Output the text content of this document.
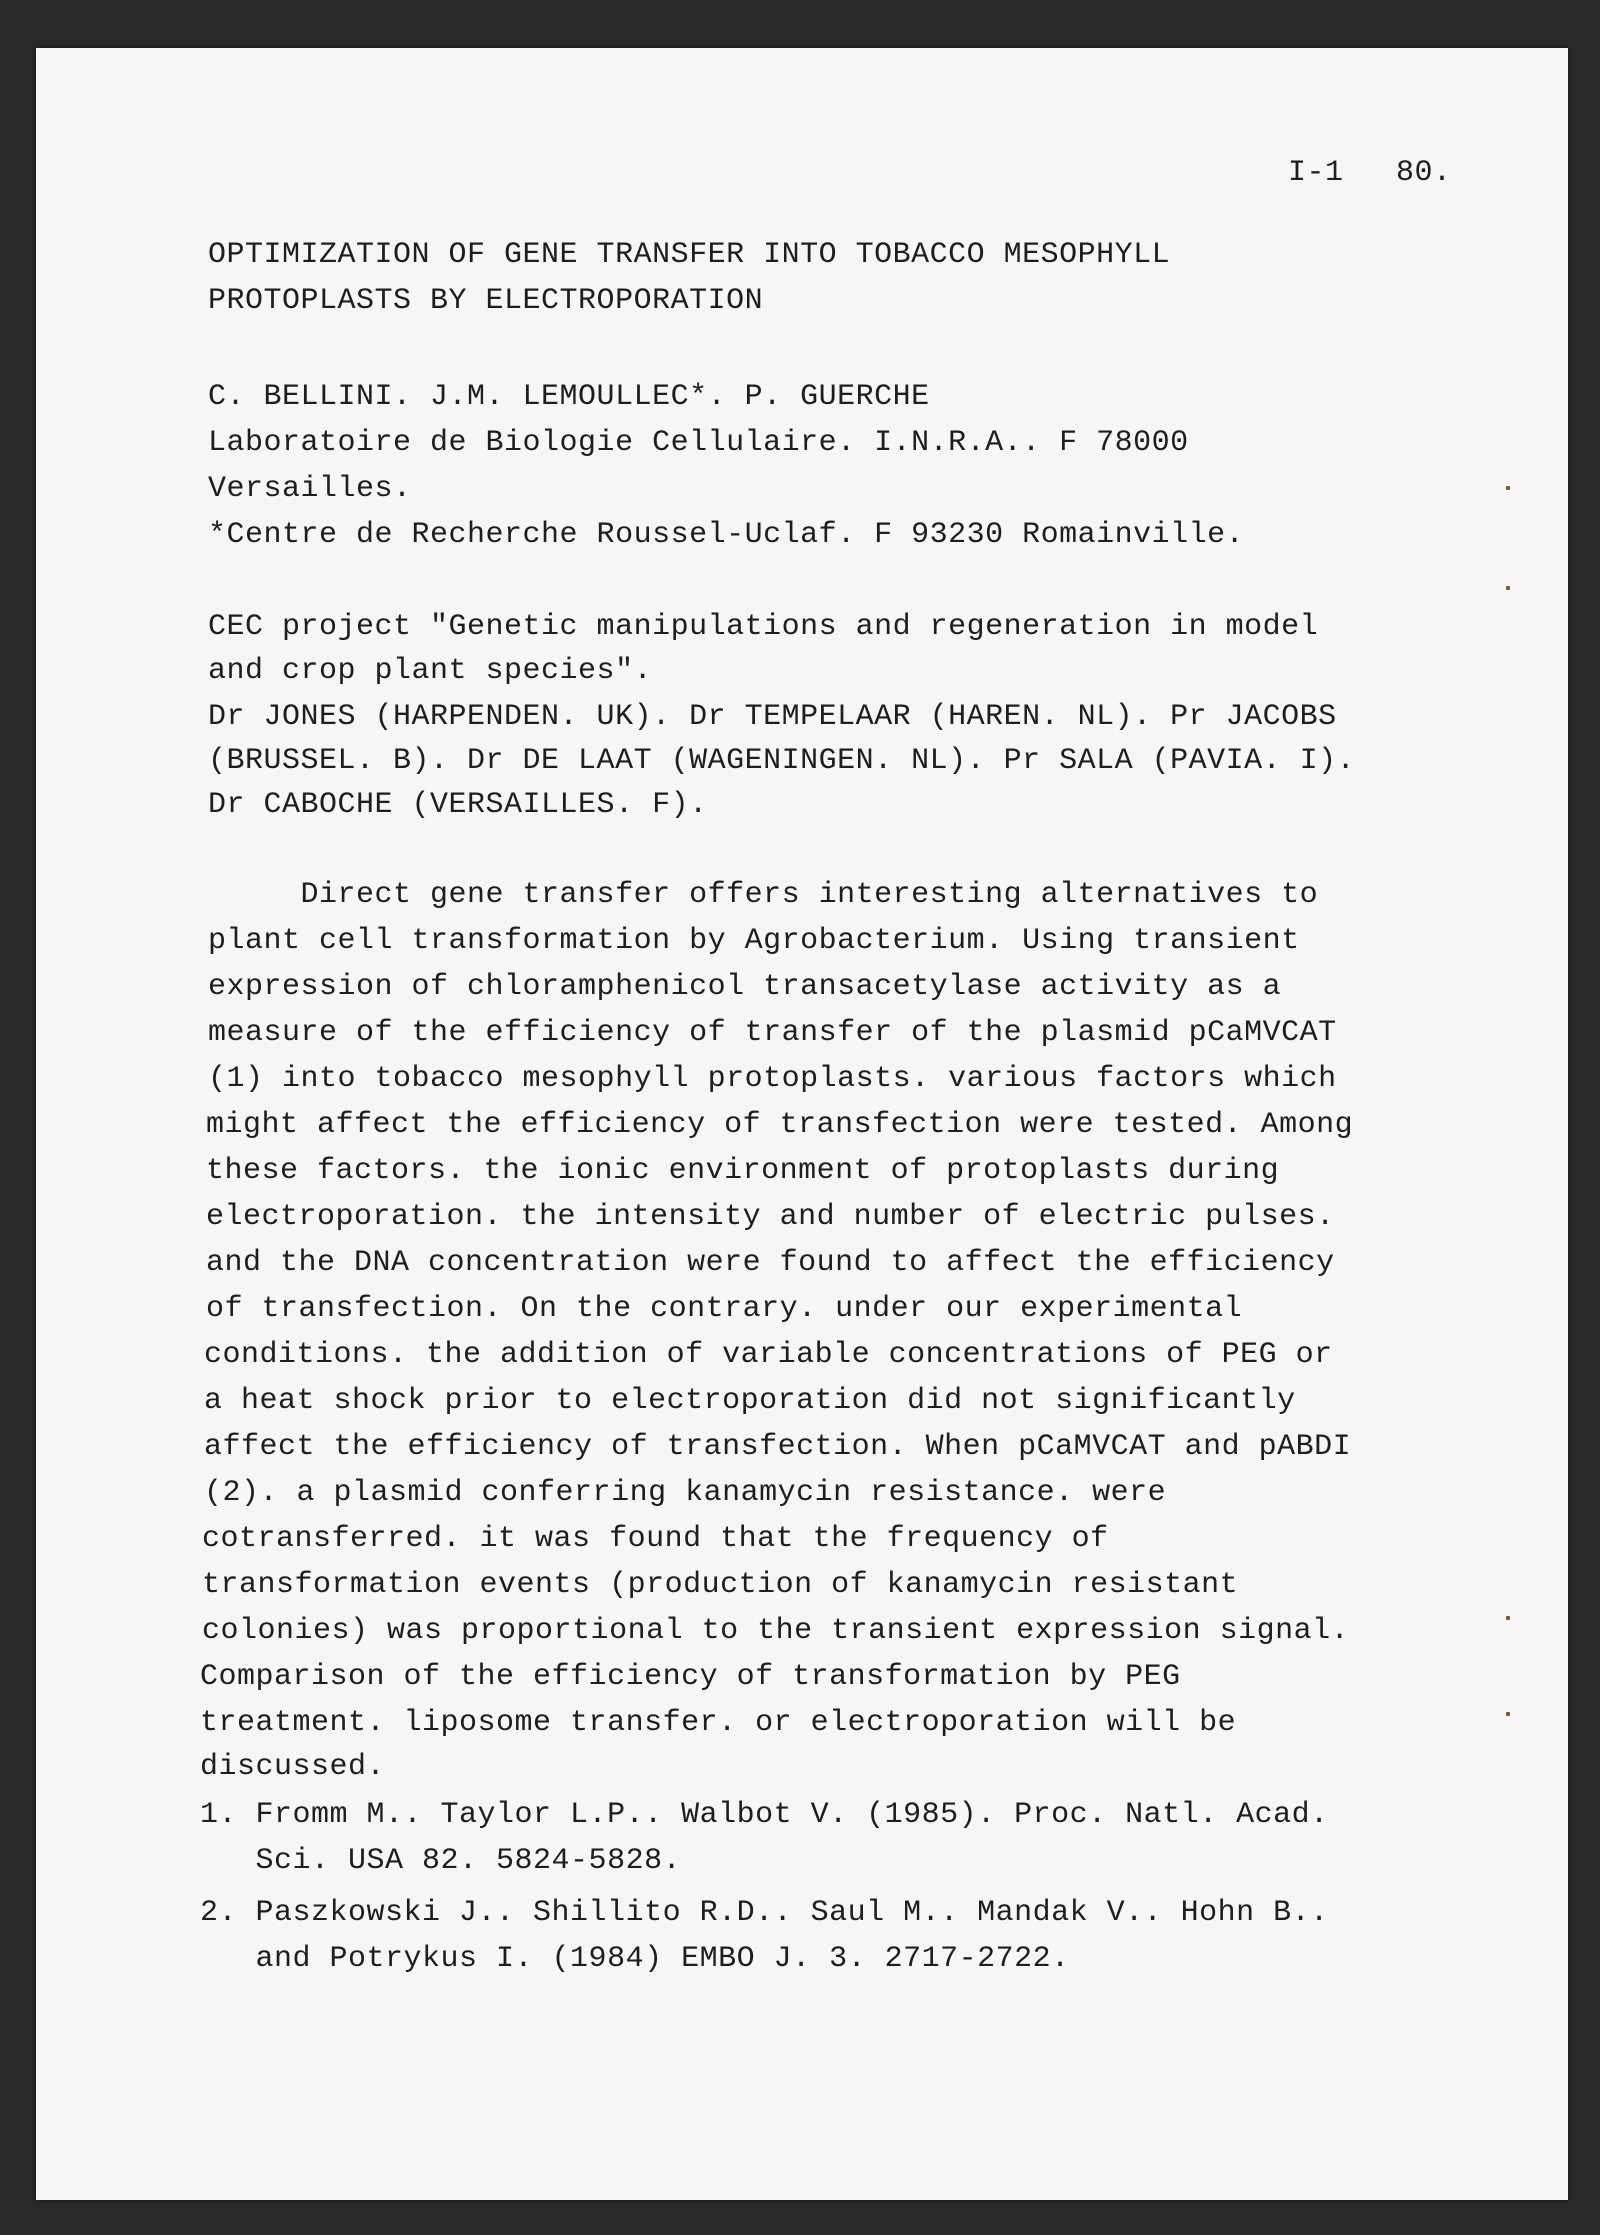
I-1 80.
OPTIMIZATION OF GENE TRANSFER INTO TOBACCO MESOPHYLL
PROTOPLASTS BY ELECTROPORATION
C. BELLINI. J.M. LEMOULLEC*. P. GUERCHE
Laboratoire de Biologie Cellulaire. I.N.R.A.. F 78000
Versailles.
*Centre de Recherche Roussel-Uclaf. F 93230 Romainville.
CEC project "Genetic manipulations and regeneration in model
and crop plant species".
Dr JONES (HARPENDEN. UK). Dr TEMPELAAR (HAREN. NL). Pr JACOBS
(BRUSSEL. B). Dr DE LAAT (WAGENINGEN. NL). Pr SALA (PAVIA. I).
Dr CABOCHE (VERSAILLES. F).
Direct gene transfer offers interesting alternatives to
plant cell transformation by Agrobacterium. Using transient
expression of chloramphenicol transacetylase activity as a
measure of the efficiency of transfer of the plasmid pCaMVCAT
(1) into tobacco mesophyll protoplasts. various factors which
might affect the efficiency of transfection were tested. Among
these factors. the ionic environment of protoplasts during
electroporation. the intensity and number of electric pulses.
and the DNA concentration were found to affect the efficiency
of transfection. On the contrary. under our experimental
conditions. the addition of variable concentrations of PEG or
a heat shock prior to electroporation did not significantly
affect the efficiency of transfection. When pCaMVCAT and pABDI
(2). a plasmid conferring kanamycin resistance. were
cotransferred. it was found that the frequency of
transformation events (production of kanamycin resistant
colonies) was proportional to the transient expression signal.
Comparison of the efficiency of transformation by PEG
treatment. liposome transfer. or electroporation will be
discussed.
1. Fromm M.. Taylor L.P.. Walbot V. (1985). Proc. Natl. Acad.
Sci. USA 82. 5824-5828.
2. Paszkowski J.. Shillito R.D.. Saul M.. Mandak V.. Hohn B..
and Potrykus I. (1984) EMBO J. 3. 2717-2722.
